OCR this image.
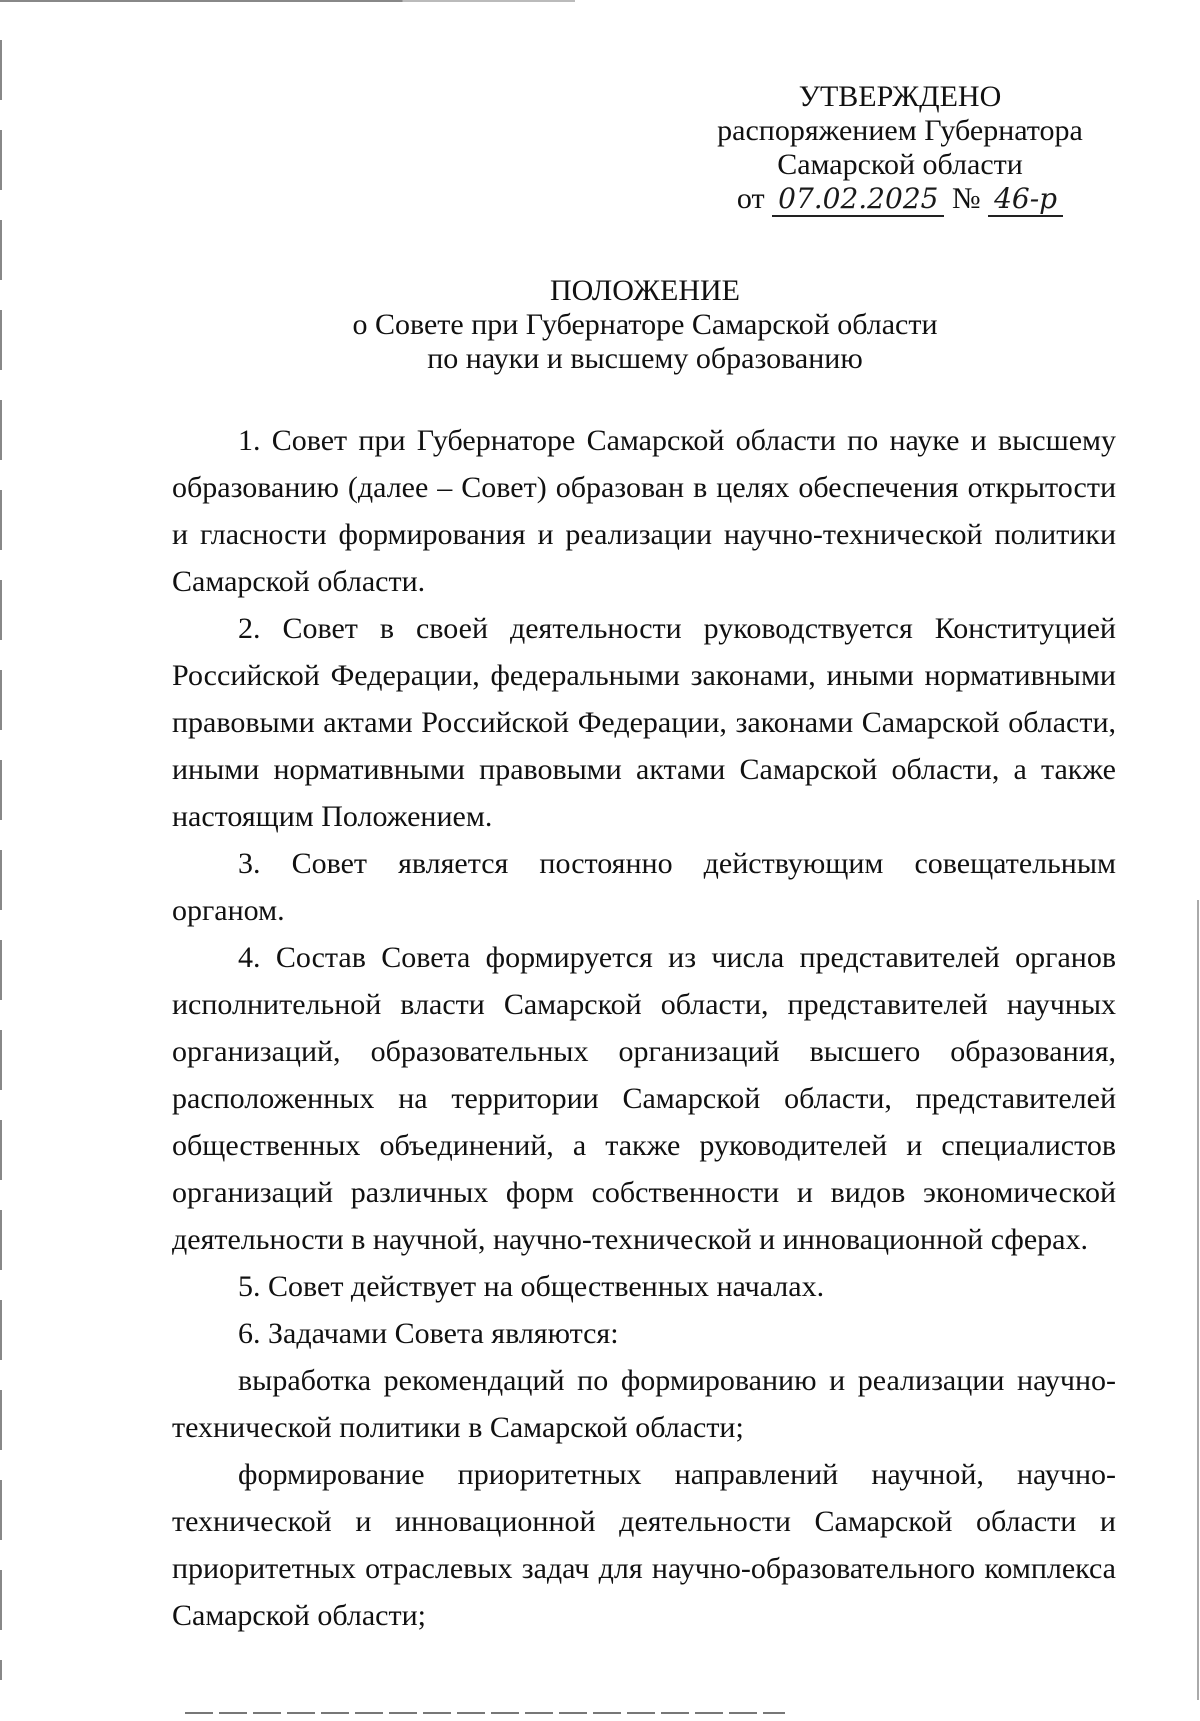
УТВЕРЖДЕНО
распоряжением Губернатора
Самарской области
от 07.02.2025 № 46-р
ПОЛОЖЕНИЕ
о Совете при Губернаторе Самарской области
по науки и высшему образованию

1. Совет при Губернаторе Самарской области по науке и высшему образованию (далее – Совет) образован в целях обеспечения открытости и гласности формирования и реализации научно-технической политики Самарской области.

2. Совет в своей деятельности руководствуется Конституцией Российской Федерации, федеральными законами, иными нормативными правовыми актами Российской Федерации, законами Самарской области, иными нормативными правовыми актами Самарской области, а также настоящим Положением.

3. Совет является постоянно действующим совещательным органом.

4. Состав Совета формируется из числа представителей органов исполнительной власти Самарской области, представителей научных организаций, образовательных организаций высшего образования, расположенных на территории Самарской области, представителей общественных объединений, а также руководителей и специалистов организаций различных форм собственности и видов экономической деятельности в научной, научно-технической и инновационной сферах.

5. Совет действует на общественных началах.

6. Задачами Совета являются:

выработка рекомендаций по формированию и реализации научно-технической политики в Самарской области;

формирование приоритетных направлений научной, научно-технической и инновационной деятельности Самарской области и приоритетных отраслевых задач для научно-образовательного комплекса Самарской области;
